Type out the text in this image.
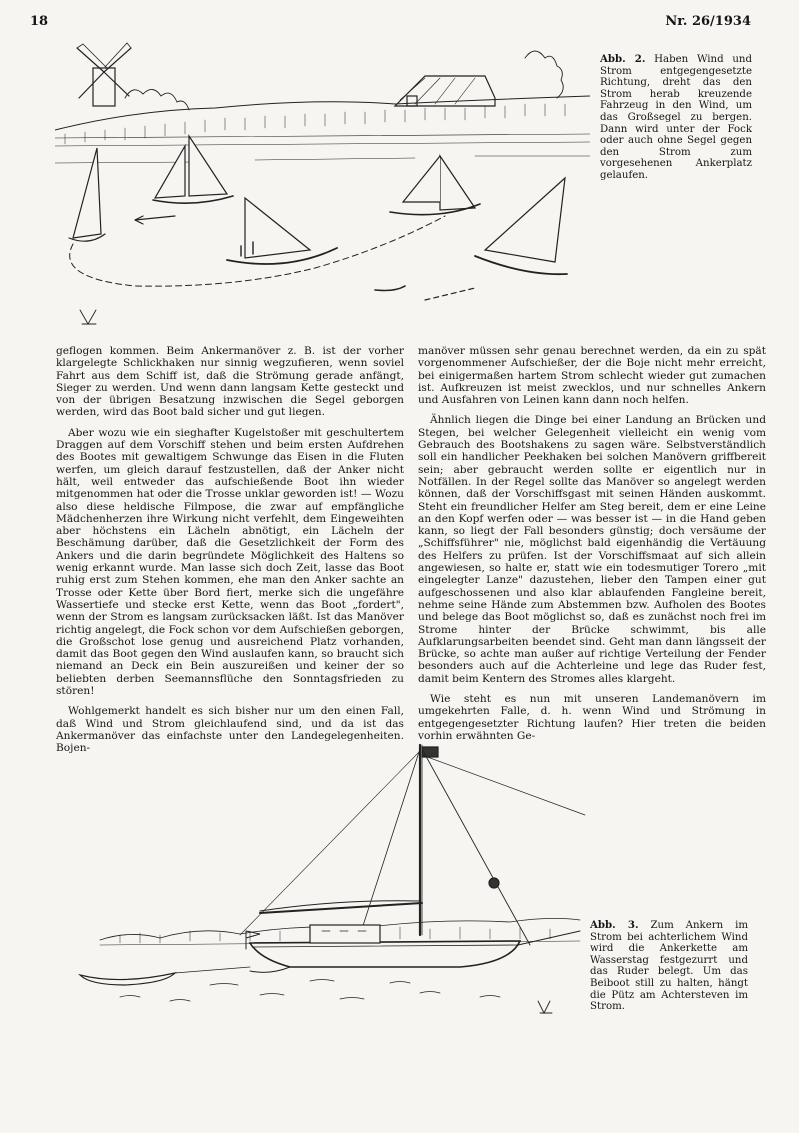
18	Nr. 26/1934
Abb. 2. Haben Wind und Strom entgegengesetzte Richtung, dreht das den Strom herab kreuzende Fahrzeug in den Wind, um das Großsegel zu bergen. Dann wird unter der Fock oder auch ohne Segel gegen den Strom zum vorgesehenen Ankerplatz gelaufen.

geflogen kommen. Beim Ankermanöver z. B. ist der vorher klargelegte Schlickhaken nur sinnig wegzufieren, wenn soviel Fahrt aus dem Schiff ist, daß die Strömung gerade anfängt, Sieger zu werden. Und wenn dann langsam Kette gesteckt und von der übrigen Besatzung inzwischen die Segel geborgen werden, wird das Boot bald sicher und gut liegen.

Aber wozu wie ein sieghafter Kugelstoßer mit geschultertem Draggen auf dem Vorschiff stehen und beim ersten Aufdrehen des Bootes mit gewaltigem Schwunge das Eisen in die Fluten werfen, um gleich darauf festzustellen, daß der Anker nicht hält, weil entweder das aufschießende Boot ihn wieder mitgenommen hat oder die Trosse unklar geworden ist! — Wozu also diese heldische Filmpose, die zwar auf empfängliche Mädchenherzen ihre Wirkung nicht verfehlt, dem Eingeweihten aber höchstens ein Lächeln abnötigt, ein Lächeln der Beschämung darüber, daß die Gesetzlichkeit der Form des Ankers und die darin begründete Möglichkeit des Haltens so wenig erkannt wurde. Man lasse sich doch Zeit, lasse das Boot ruhig erst zum Stehen kommen, ehe man den Anker sachte an Trosse oder Kette über Bord fiert, merke sich die ungefähre Wassertiefe und stecke erst Kette, wenn das Boot „fordert", wenn der Strom es langsam zurücksacken läßt. Ist das Manöver richtig angelegt, die Fock schon vor dem Aufschießen geborgen, die Großschot lose genug und ausreichend Platz vorhanden, damit das Boot gegen den Wind auslaufen kann, so braucht sich niemand an Deck ein Bein auszureißen und keiner der so beliebten derben Seemannsflüche den Sonntagsfrieden zu stören!

Wohlgemerkt handelt es sich bisher nur um den einen Fall, daß Wind und Strom gleichlaufend sind, und da ist das Ankermanöver das einfachste unter den Landegelegenheiten. Bojen-

manöver müssen sehr genau berechnet werden, da ein zu spät vorgenommener Aufschießer, der die Boje nicht mehr erreicht, bei einigermaßen hartem Strom schlecht wieder gut zumachen ist. Aufkreuzen ist meist zwecklos, und nur schnelles Ankern und Ausfahren von Leinen kann dann noch helfen.

Ähnlich liegen die Dinge bei einer Landung an Brücken und Stegen, bei welcher Gelegenheit vielleicht ein wenig vom Gebrauch des Bootshakens zu sagen wäre. Selbstverständlich soll ein handlicher Peekhaken bei solchen Manövern griffbereit sein; aber gebraucht werden sollte er eigentlich nur in Notfällen. In der Regel sollte das Manöver so angelegt werden können, daß der Vorschiffsgast mit seinen Händen auskommt. Steht ein freundlicher Helfer am Steg bereit, dem er eine Leine an den Kopf werfen oder — was besser ist — in die Hand geben kann, so liegt der Fall besonders günstig; doch versäume der „Schiffsführer" nie, möglichst bald eigenhändig die Vertäuung des Helfers zu prüfen. Ist der Vorschiffsmaat auf sich allein angewiesen, so halte er, statt wie ein todesmutiger Torero „mit eingelegter Lanze" dazustehen, lieber den Tampen einer gut aufgeschossenen und also klar ablaufenden Fangleine bereit, nehme seine Hände zum Abstemmen bzw. Aufholen des Bootes und belege das Boot möglichst so, daß es zunächst noch frei im Strome hinter der Brücke schwimmt, bis alle Aufklarungsarbeiten beendet sind. Geht man dann längsseit der Brücke, so achte man außer auf richtige Verteilung der Fender besonders auch auf die Achterleine und lege das Ruder fest, damit beim Kentern des Stromes alles klargeht.

Wie steht es nun mit unseren Landemanövern im umgekehrten Falle, d. h. wenn Wind und Strömung in entgegengesetzter Richtung laufen? Hier treten die beiden vorhin erwähnten Ge-

Abb. 3. Zum Ankern im Strom bei achterlichem Wind wird die Ankerkette am Wasserstag festgezurrt und das Ruder belegt. Um das Beiboot still zu halten, hängt die Pütz am Achtersteven im Strom.
